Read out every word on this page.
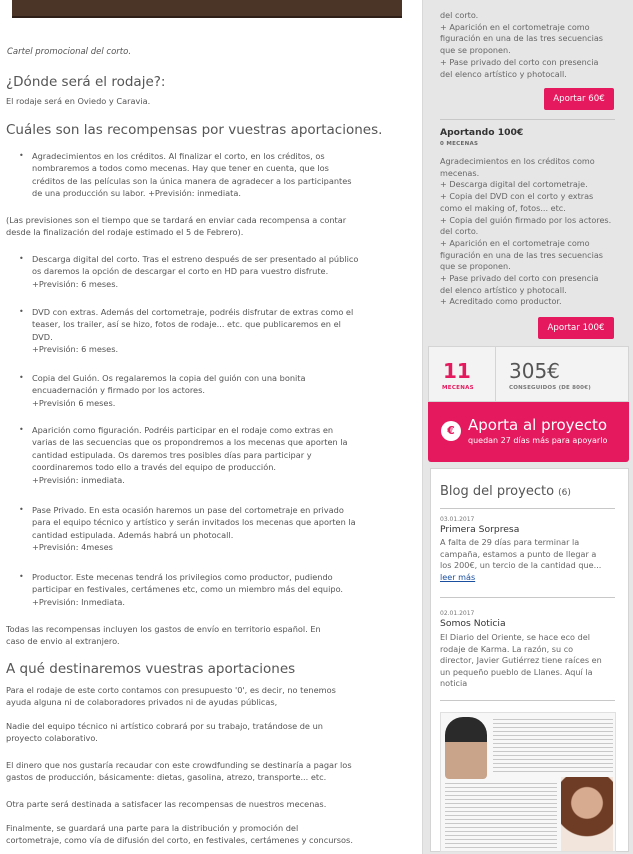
Cartel promocional del corto.
¿Dónde será el rodaje?:
El rodaje será en Oviedo y Caravia.
Cuáles son las recompensas por vuestras aportaciones.
• Agradecimientos en los créditos. Al finalizar el corto, en los créditos, os
nombraremos a todos como mecenas. Hay que tener en cuenta, que los
créditos de las películas son la única manera de agradecer a los participantes
de una producción su labor. +Previsión: inmediata.
(Las previsiones son el tiempo que se tardará en enviar cada recompensa a contar
desde la finalización del rodaje estimado el 5 de Febrero).
• Descarga digital del corto. Tras el estreno después de ser presentado al público
os daremos la opción de descargar el corto en HD para vuestro disfrute.
+Previsión: 6 meses.
• DVD con extras. Además del cortometraje, podréis disfrutar de extras como el
teaser, los trailer, así se hizo, fotos de rodaje... etc. que publicaremos en el
DVD.
+Previsión: 6 meses.
• Copia del Guión. Os regalaremos la copia del guión con una bonita
encuadernación y firmado por los actores.
+Previsión 6 meses.
• Aparición como figuración. Podréis participar en el rodaje como extras en
varias de las secuencias que os propondremos a los mecenas que aporten la
cantidad estipulada. Os daremos tres posibles días para participar y
coordinaremos todo ello a través del equipo de producción.
+Previsión: inmediata.
• Pase Privado. En esta ocasión haremos un pase del cortometraje en privado
para el equipo técnico y artístico y serán invitados los mecenas que aporten la
cantidad estipulada. Además habrá un photocall.
+Previsión: 4meses
• Productor. Este mecenas tendrá los privilegios como productor, pudiendo
participar en festivales, certámenes etc, como un miembro más del equipo.
+Previsión: Inmediata.
Todas las recompensas incluyen los gastos de envío en territorio español. En
caso de envio al extranjero.
A qué destinaremos vuestras aportaciones
Para el rodaje de este corto contamos con presupuesto '0', es decir, no tenemos
ayuda alguna ni de colaboradores privados ni de ayudas públicas,
Nadie del equipo técnico ni artístico cobrará por su trabajo, tratándose de un
proyecto colaborativo.
El dinero que nos gustaría recaudar con este crowdfunding se destinaría a pagar los
gastos de producción, básicamente: dietas, gasolina, atrezo, transporte... etc.
Otra parte será destinada a satisfacer las recompensas de nuestros mecenas.
Finalmente, se guardará una parte para la distribución y promoción del
cortometraje, como vía de difusión del corto, en festivales, certámenes y concursos.
del corto.
+ Aparición en el cortometraje como
figuración en una de las tres secuencias
que se proponen.
+ Pase privado del corto con presencia
del elenco artístico y photocall.
Aportar 60€
Aportando 100€
0 MECENAS
Agradecimientos en los créditos como
mecenas.
+ Descarga digital del cortometraje.
+ Copia del DVD con el corto y extras
como el making of, fotos... etc.
+ Copia del guión firmado por los actores.
del corto.
+ Aparición en el cortometraje como
figuración en una de las tres secuencias
que se proponen.
+ Pase privado del corto con presencia
del elenco artístico y photocall.
+ Acreditado como productor.
Aportar 100€
11
MECENAS
305€
CONSEGUIDOS (DE 800€)
€ Aporta al proyecto
quedan 27 días más para apoyarlo
Blog del proyecto (6)
03.01.2017
Primera Sorpresa
A falta de 29 días para terminar la
campaña, estamos a punto de llegar a
los 200€, un tercio de la cantidad que...
leer más
02.01.2017
Somos Noticia
El Diario del Oriente, se hace eco del
rodaje de Karma. La razón, su co
director, Javier Gutiérrez tiene raíces en
un pequeño pueblo de Llanes. Aquí la
noticia
